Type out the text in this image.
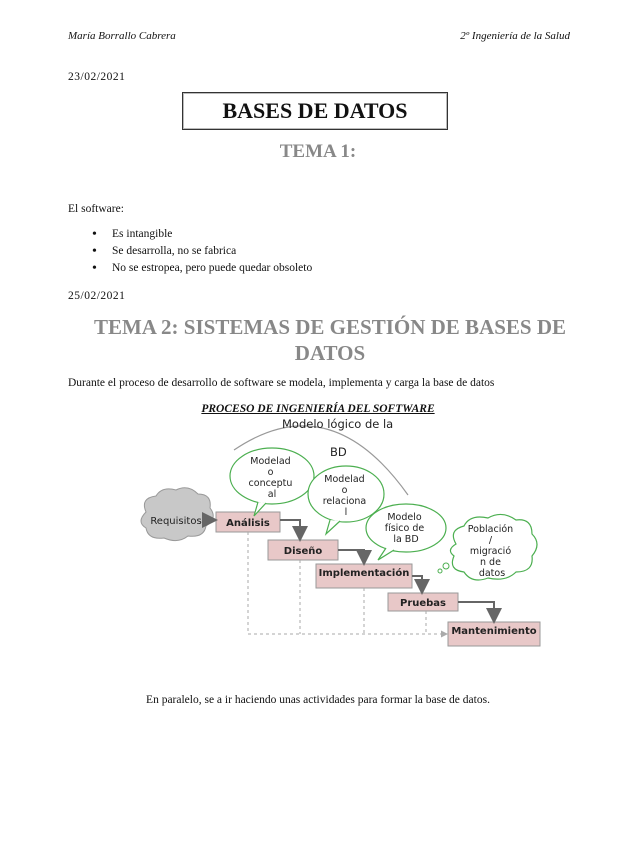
María Borrallo Cabrera	2º Ingeniería de la Salud
23/02/2021
BASES DE DATOS
TEMA 1:
El software:
• Es intangible
• Se desarrolla, no se fabrica
• No se estropea, pero puede quedar obsoleto
25/02/2021
TEMA 2: SISTEMAS DE GESTIÓN DE BASES DE DATOS
Durante el proceso de desarrollo de software se modela, implementa y carga la base de datos
PROCESO DE INGENIERÍA DEL SOFTWARE
Modelo lógico de la
BD
Requisitos Análisis
Diseño
Implementación
Pruebas
Mantenimiento
Modelad o conceptu al
Modelad o relaciona l	Modelo físico de la BD
Población / migració n de datos
En paralelo, se a ir haciendo unas actividades para formar la base de datos.
